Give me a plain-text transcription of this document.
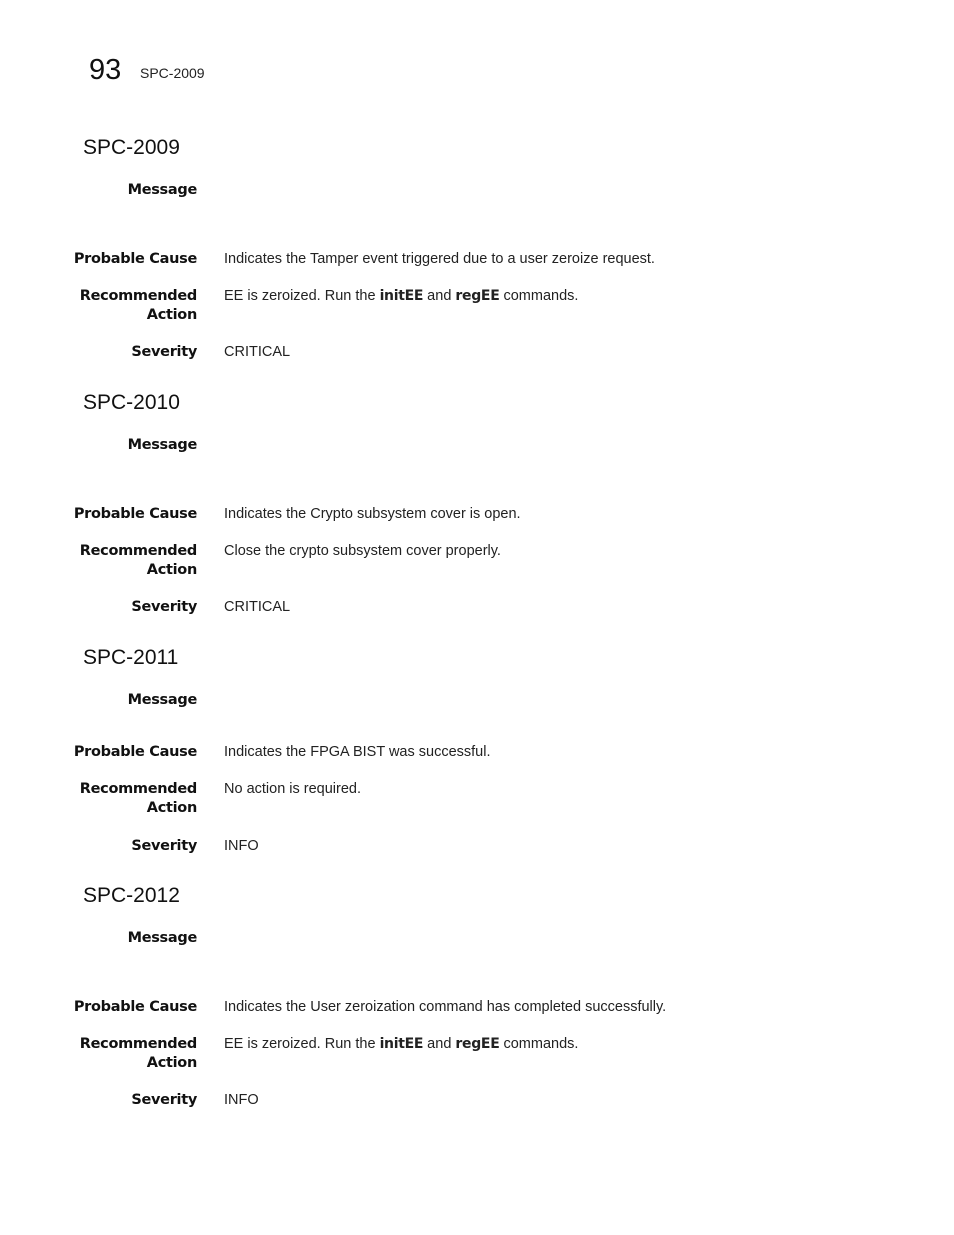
93 SPC-2009
SPC-2009
Message
Probable Cause Indicates the Tamper event triggered due to a user zeroize request.
Recommended
Action
EE is zeroized. Run the initEE and regEE commands.
Severity CRITICAL
SPC-2010
Message
Probable Cause Indicates the Crypto subsystem cover is open.
Recommended
Action
Close the crypto subsystem cover properly.
Severity CRITICAL
SPC-2011
Message
Probable Cause Indicates the FPGA BIST was successful.
Recommended
Action
No action is required.
Severity INFO
SPC-2012
Message
Probable Cause Indicates the User zeroization command has completed successfully.
Recommended
Action
EE is zeroized. Run the initEE and regEE commands.
Severity INFO
